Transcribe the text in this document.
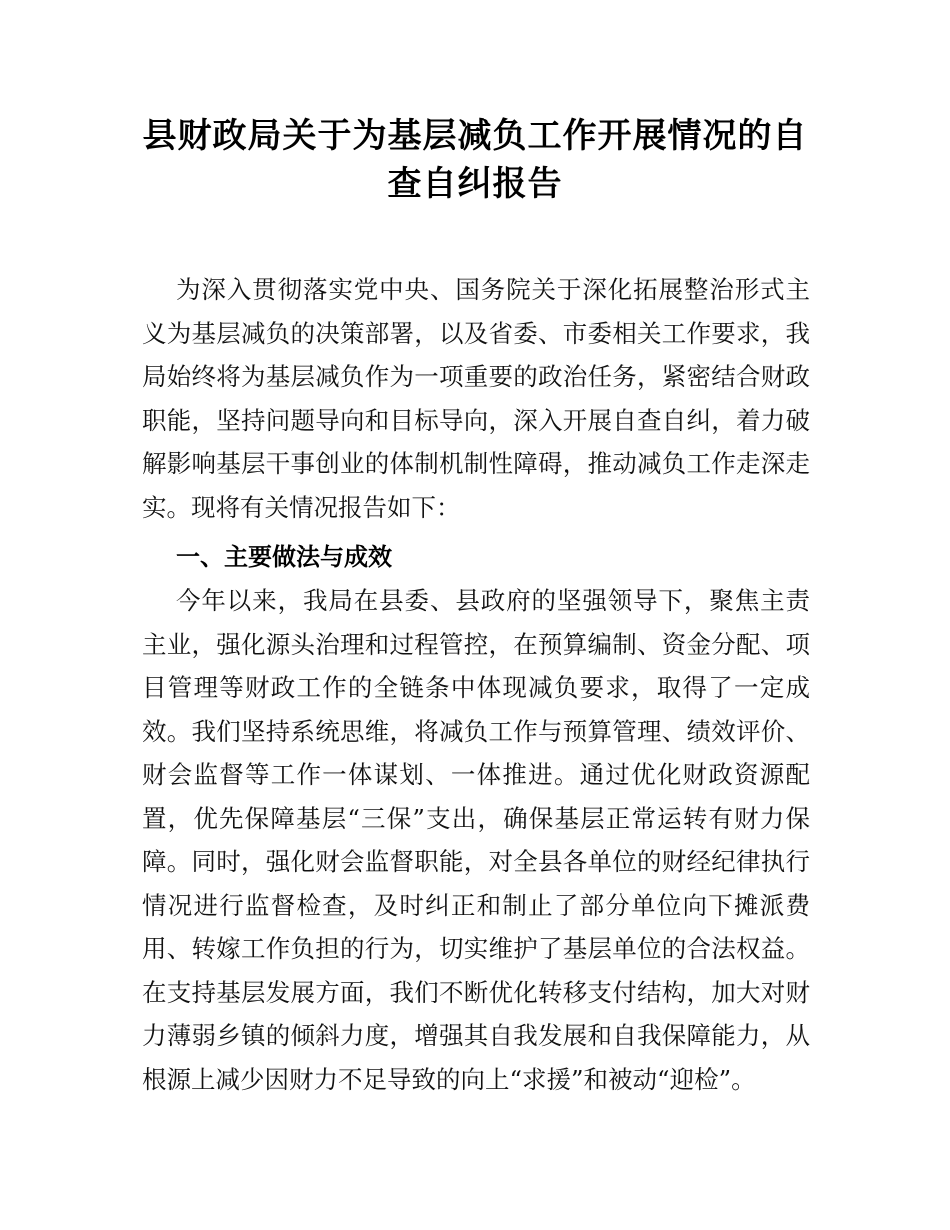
县财政局关于为基层减负工作开展情况的自
查自纠报告

为深入贯彻落实党中央、国务院关于深化拓展整治形式主义为基层减负的决策部署，以及省委、市委相关工作要求，我局始终将为基层减负作为一项重要的政治任务，紧密结合财政职能，坚持问题导向和目标导向，深入开展自查自纠，着力破解影响基层干事创业的体制机制性障碍，推动减负工作走深走实。现将有关情况报告如下：

一、主要做法与成效

今年以来，我局在县委、县政府的坚强领导下，聚焦主责主业，强化源头治理和过程管控，在预算编制、资金分配、项目管理等财政工作的全链条中体现减负要求，取得了一定成效。我们坚持系统思维，将减负工作与预算管理、绩效评价、财会监督等工作一体谋划、一体推进。通过优化财政资源配置，优先保障基层“三保”支出，确保基层正常运转有财力保障。同时，强化财会监督职能，对全县各单位的财经纪律执行情况进行监督检查，及时纠正和制止了部分单位向下摊派费用、转嫁工作负担的行为，切实维护了基层单位的合法权益。在支持基层发展方面，我们不断优化转移支付结构，加大对财力薄弱乡镇的倾斜力度，增强其自我发展和自我保障能力，从根源上减少因财力不足导致的向上“求援”和被动“迎检”。
